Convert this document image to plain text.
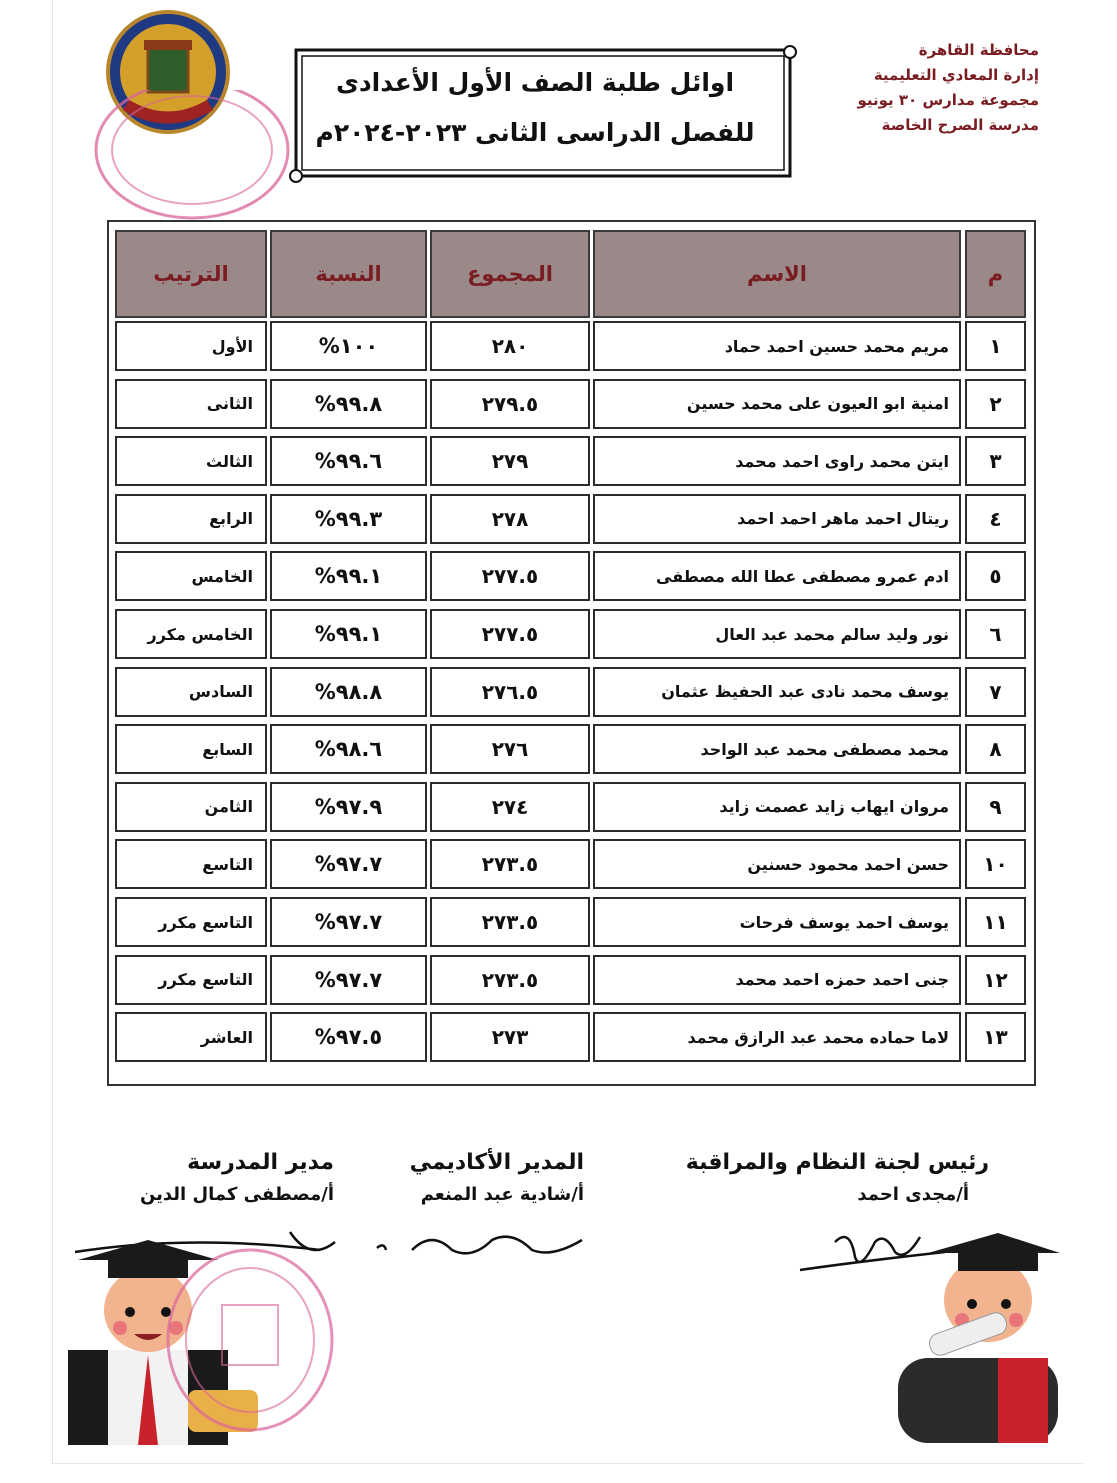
محافظة القاهرة
إدارة المعادي التعليمية
مجموعة مدارس ٣٠ يونيو
مدرسة الصرح الخاصة
اوائل طلبة الصف الأول الأعدادى
للفصل الدراسى الثانى ٢٠٢٣-٢٠٢٤م
م
الاسم
المجموع
النسبة
الترتيب
١
مريم محمد حسين احمد حماد
٢٨٠
%١٠٠
الأول
٢
امنية ابو العيون على محمد حسين
٢٧٩.٥
%٩٩.٨
الثانى
٣
ايتن محمد راوى احمد محمد
٢٧٩
%٩٩.٦
الثالث
٤
ريتال احمد ماهر احمد احمد
٢٧٨
%٩٩.٣
الرابع
٥
ادم عمرو مصطفى عطا الله مصطفى
٢٧٧.٥
%٩٩.١
الخامس
٦
نور وليد سالم محمد عبد العال
٢٧٧.٥
%٩٩.١
الخامس مكرر
٧
يوسف محمد نادى عبد الحفيظ عثمان
٢٧٦.٥
%٩٨.٨
السادس
٨
محمد مصطفى محمد عبد الواحد
٢٧٦
%٩٨.٦
السابع
٩
مروان ايهاب زايد عصمت زايد
٢٧٤
%٩٧.٩
الثامن
١٠
حسن احمد محمود حسنين
٢٧٣.٥
%٩٧.٧
التاسع
١١
يوسف احمد يوسف فرحات
٢٧٣.٥
%٩٧.٧
التاسع مكرر
١٢
جنى احمد حمزه احمد محمد
٢٧٣.٥
%٩٧.٧
التاسع مكرر
١٣
لاما حماده محمد عبد الرازق محمد
٢٧٣
%٩٧.٥
العاشر
رئيس لجنة النظام والمراقبة
أ/مجدى احمد
المدير الأكاديمي
أ/شادية عبد المنعم
مدير المدرسة
أ/مصطفى كمال الدين
